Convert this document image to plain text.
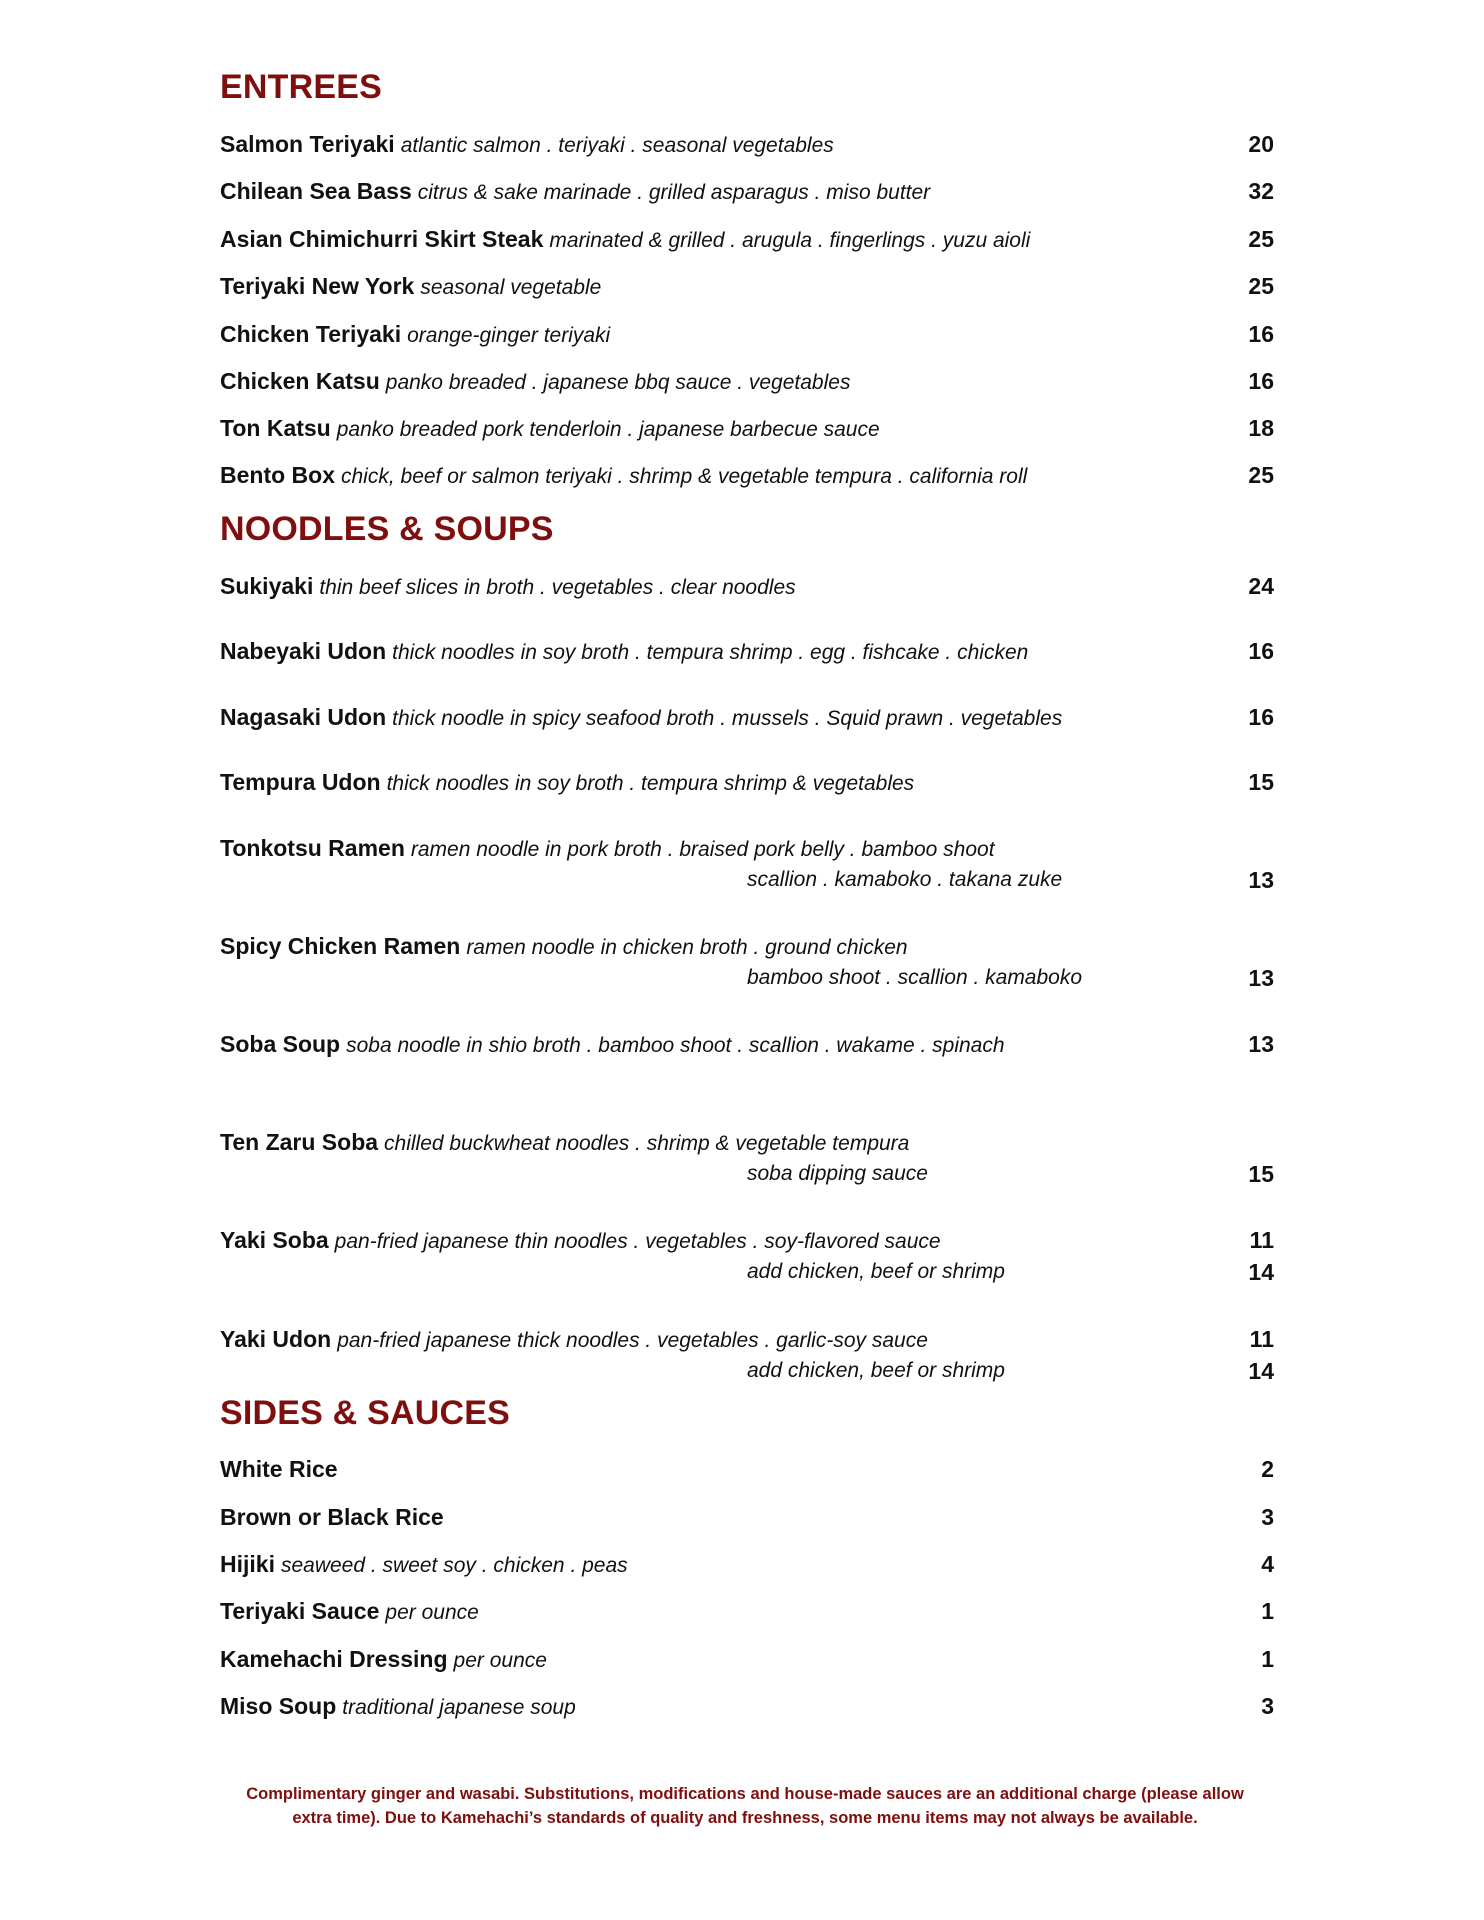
ENTREES
Salmon Teriyaki atlantic salmon . teriyaki . seasonal vegetables	20
Chilean Sea Bass citrus & sake marinade . grilled asparagus . miso butter	32
Asian Chimichurri Skirt Steak marinated & grilled . arugula . fingerlings . yuzu aioli	25
Teriyaki New York seasonal vegetable	25
Chicken Teriyaki orange-ginger teriyaki	16
Chicken Katsu panko breaded . japanese bbq sauce . vegetables	16
Ton Katsu panko breaded pork tenderloin . japanese barbecue sauce	18
Bento Box chick, beef or salmon teriyaki . shrimp & vegetable tempura . california roll	25
NOODLES & SOUPS
Sukiyaki thin beef slices in broth . vegetables . clear noodles	24
Nabeyaki Udon thick noodles in soy broth . tempura shrimp . egg . fishcake . chicken	16
Nagasaki Udon thick noodle in spicy seafood broth . mussels . Squid prawn . vegetables	16
Tempura Udon thick noodles in soy broth . tempura shrimp & vegetables	15
Tonkotsu Ramen ramen noodle in pork broth . braised pork belly . bamboo shoot
scallion . kamaboko . takana zuke	13
Spicy Chicken Ramen ramen noodle in chicken broth . ground chicken
bamboo shoot . scallion . kamaboko	13
Soba Soup soba noodle in shio broth . bamboo shoot . scallion . wakame . spinach	13
Ten Zaru Soba chilled buckwheat noodles . shrimp & vegetable tempura
soba dipping sauce	15
Yaki Soba pan-fried japanese thin noodles . vegetables . soy-flavored sauce	11
add chicken, beef or shrimp	14
Yaki Udon pan-fried japanese thick noodles . vegetables . garlic-soy sauce	11
add chicken, beef or shrimp	14
SIDES & SAUCES
White Rice	2
Brown or Black Rice	3
Hijiki seaweed . sweet soy . chicken . peas	4
Teriyaki Sauce per ounce	1
Kamehachi Dressing per ounce	1
Miso Soup traditional japanese soup	3
Complimentary ginger and wasabi. Substitutions, modifications and house-made sauces are an additional charge (please allow
extra time). Due to Kamehachi’s standards of quality and freshness, some menu items may not always be available.
